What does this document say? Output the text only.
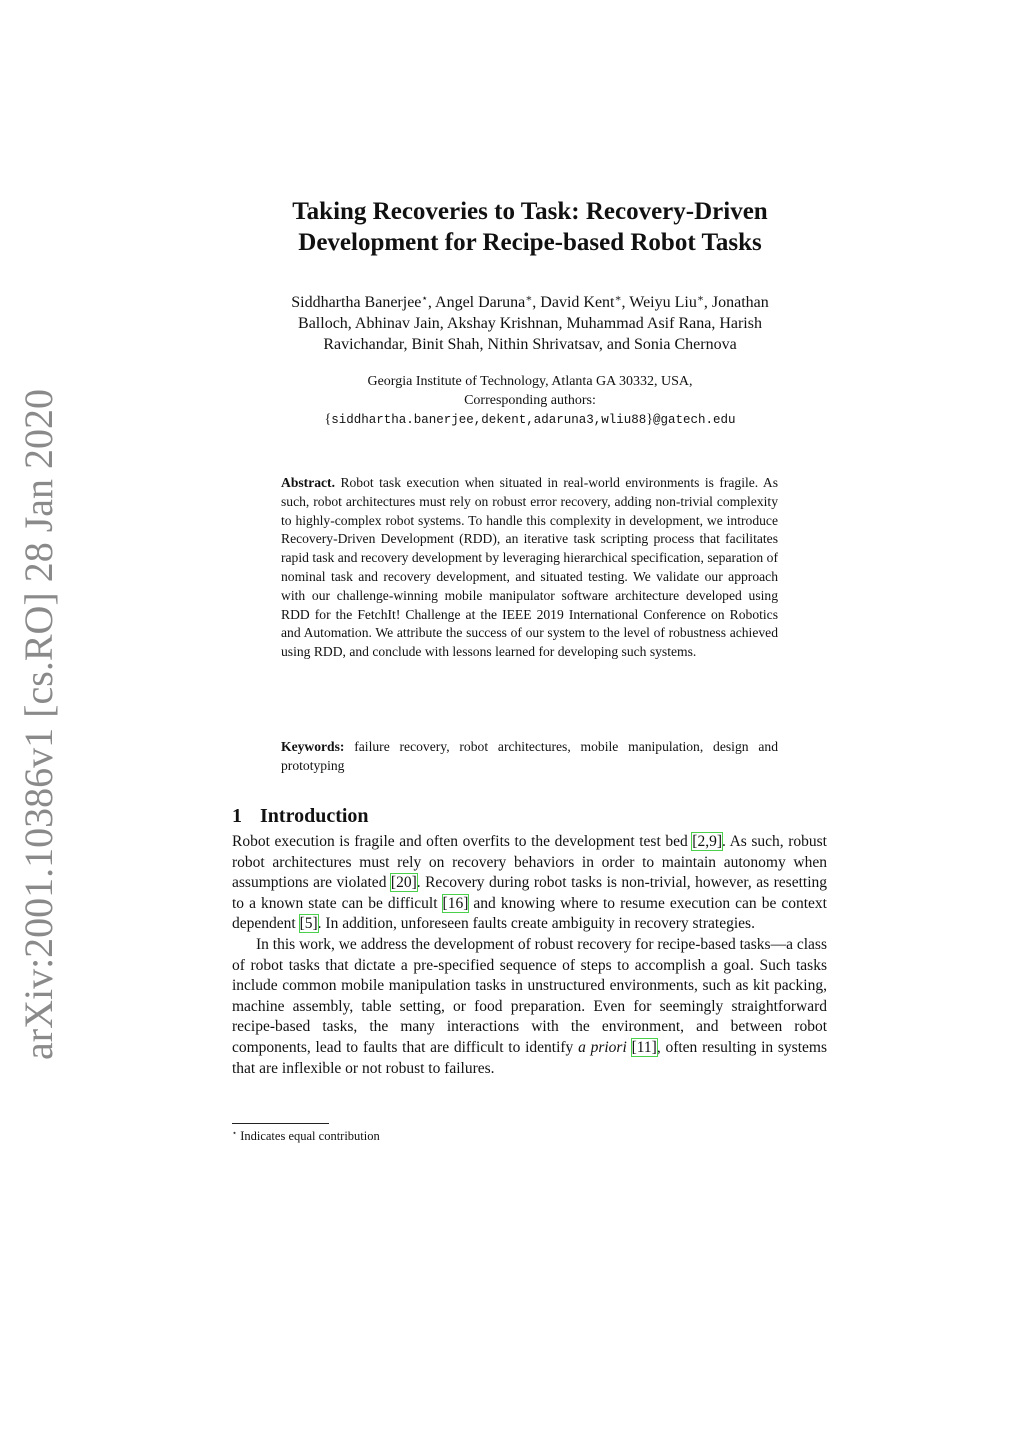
arXiv:2001.10386v1 [cs.RO] 28 Jan 2020
Taking Recoveries to Task: Recovery-Driven
Development for Recipe-based Robot Tasks
Siddhartha Banerjee⋆, Angel Daruna∗, David Kent∗, Weiyu Liu∗, Jonathan
Balloch, Abhinav Jain, Akshay Krishnan, Muhammad Asif Rana, Harish
Ravichandar, Binit Shah, Nithin Shrivatsav, and Sonia Chernova
Georgia Institute of Technology, Atlanta GA 30332, USA,
Corresponding authors:
{siddhartha.banerjee,dekent,adaruna3,wliu88}@gatech.edu
Abstract. Robot task execution when situated in real-world environments is fragile. As such, robot architectures must rely on robust error recovery, adding non-trivial complexity to highly-complex robot systems. To handle this complexity in development, we introduce Recovery-Driven Development (RDD), an iterative task scripting process that facilitates rapid task and recovery development by leveraging hierarchical specification, separation of nominal task and recovery development, and situated testing. We validate our approach with our challenge-winning mobile manipulator software architecture developed using RDD for the FetchIt! Challenge at the IEEE 2019 International Conference on Robotics and Automation. We attribute the success of our system to the level of robustness achieved using RDD, and conclude with lessons learned for developing such systems.
Keywords: failure recovery, robot architectures, mobile manipulation, design and prototyping
1 Introduction

Robot execution is fragile and often overfits to the development test bed [2,9]. As such, robust robot architectures must rely on recovery behaviors in order to maintain autonomy when assumptions are violated [20]. Recovery during robot tasks is non-trivial, however, as resetting to a known state can be difficult [16] and knowing where to resume execution can be context dependent [5]. In addition, unforeseen faults create ambiguity in recovery strategies.

In this work, we address the development of robust recovery for recipe-based tasks—a class of robot tasks that dictate a pre-specified sequence of steps to accomplish a goal. Such tasks include common mobile manipulation tasks in unstructured environments, such as kit packing, machine assembly, table setting, or food preparation. Even for seemingly straightforward recipe-based tasks, the many interactions with the environment, and between robot components, lead to faults that are difficult to identify a priori [11], often resulting in systems that are inflexible or not robust to failures.

⋆ Indicates equal contribution
